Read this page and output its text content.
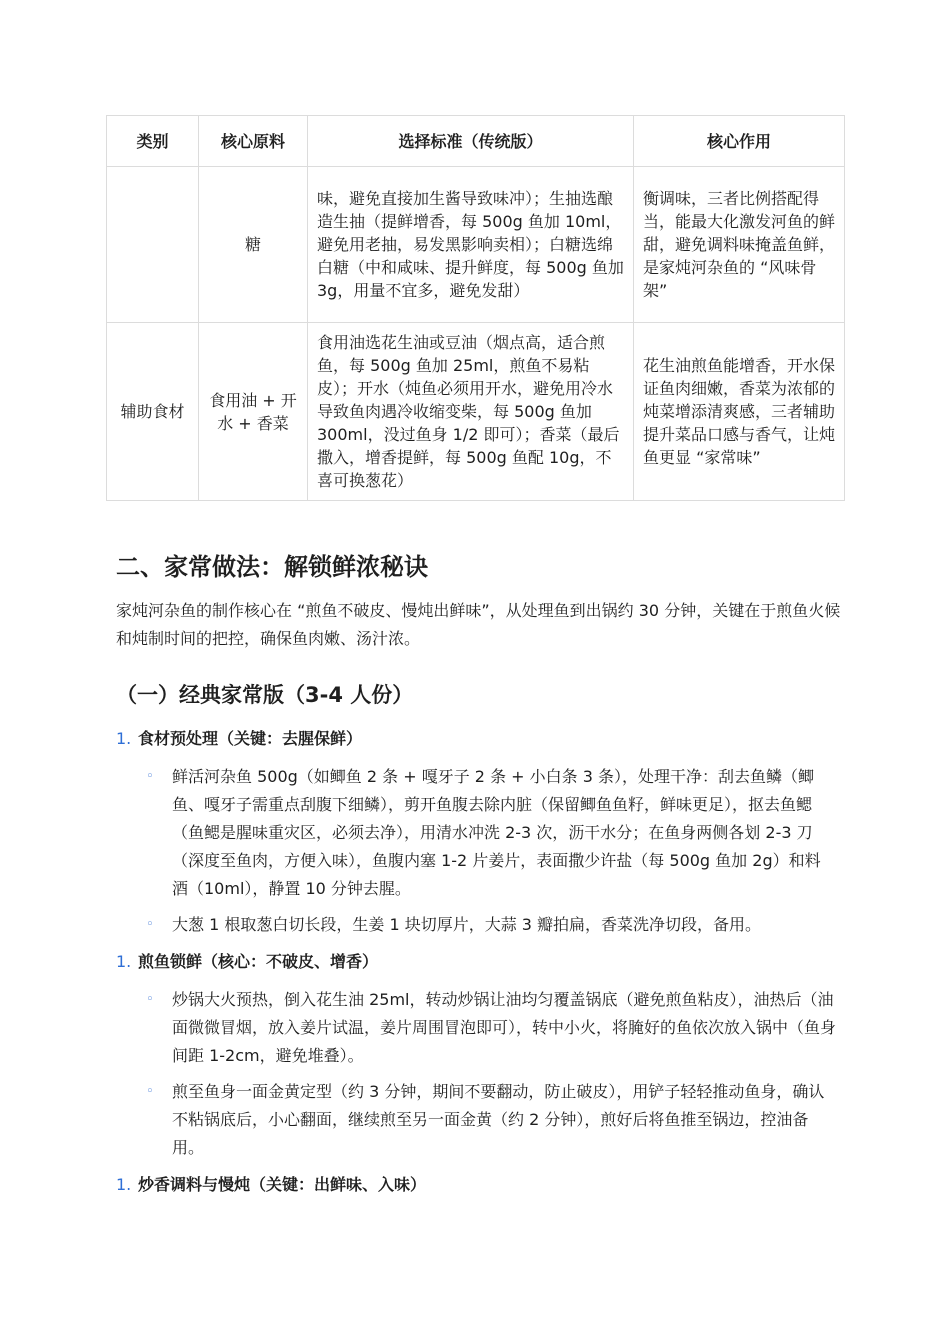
类别	核心原料	选择标准（传统版）	核心作用
	糖	味，避免直接加生酱导致味冲）；生抽选酿造生抽（提鲜增香，每 500g 鱼加 10ml，避免用老抽，易发黑影响卖相）；白糖选绵白糖（中和咸味、提升鲜度，每 500g 鱼加 3g，用量不宜多，避免发甜）	衡调味，三者比例搭配得当，能最大化激发河鱼的鲜甜，避免调料味掩盖鱼鲜，是家炖河杂鱼的 “风味骨架”
辅助食材	食用油 + 开水 + 香菜	食用油选花生油或豆油（烟点高，适合煎鱼，每 500g 鱼加 25ml，煎鱼不易粘皮）；开水（炖鱼必须用开水，避免用冷水导致鱼肉遇冷收缩变柴，每 500g 鱼加 300ml，没过鱼身 1/2 即可）；香菜（最后撒入，增香提鲜，每 500g 鱼配 10g，不喜可换葱花）	花生油煎鱼能增香，开水保证鱼肉细嫩，香菜为浓郁的炖菜增添清爽感，三者辅助提升菜品口感与香气，让炖鱼更显 “家常味”
二、家常做法：解锁鲜浓秘诀

家炖河杂鱼的制作核心在 “煎鱼不破皮、慢炖出鲜味”，从处理鱼到出锅约 30 分钟，关键在于煎鱼火候和炖制时间的把控，确保鱼肉嫩、汤汁浓。

（一）经典家常版（3-4 人份）

1. 食材预处理（关键：去腥保鲜）

◦ 鲜活河杂鱼 500g（如鲫鱼 2 条 + 嘎牙子 2 条 + 小白条 3 条），处理干净：刮去鱼鳞（鲫鱼、嘎牙子需重点刮腹下细鳞），剪开鱼腹去除内脏（保留鲫鱼鱼籽，鲜味更足），抠去鱼鳃（鱼鳃是腥味重灾区，必须去净），用清水冲洗 2-3 次，沥干水分；在鱼身两侧各划 2-3 刀（深度至鱼肉，方便入味），鱼腹内塞 1-2 片姜片，表面撒少许盐（每 500g 鱼加 2g）和料酒（10ml），静置 10 分钟去腥。
◦ 大葱 1 根取葱白切长段，生姜 1 块切厚片，大蒜 3 瓣拍扁，香菜洗净切段，备用。

1. 煎鱼锁鲜（核心：不破皮、增香）

◦ 炒锅大火预热，倒入花生油 25ml，转动炒锅让油均匀覆盖锅底（避免煎鱼粘皮），油热后（油面微微冒烟，放入姜片试温，姜片周围冒泡即可），转中小火，将腌好的鱼依次放入锅中（鱼身间距 1-2cm，避免堆叠）。
◦ 煎至鱼身一面金黄定型（约 3 分钟，期间不要翻动，防止破皮），用铲子轻轻推动鱼身，确认不粘锅底后，小心翻面，继续煎至另一面金黄（约 2 分钟），煎好后将鱼推至锅边，控油备用。

1. 炒香调料与慢炖（关键：出鲜味、入味）
